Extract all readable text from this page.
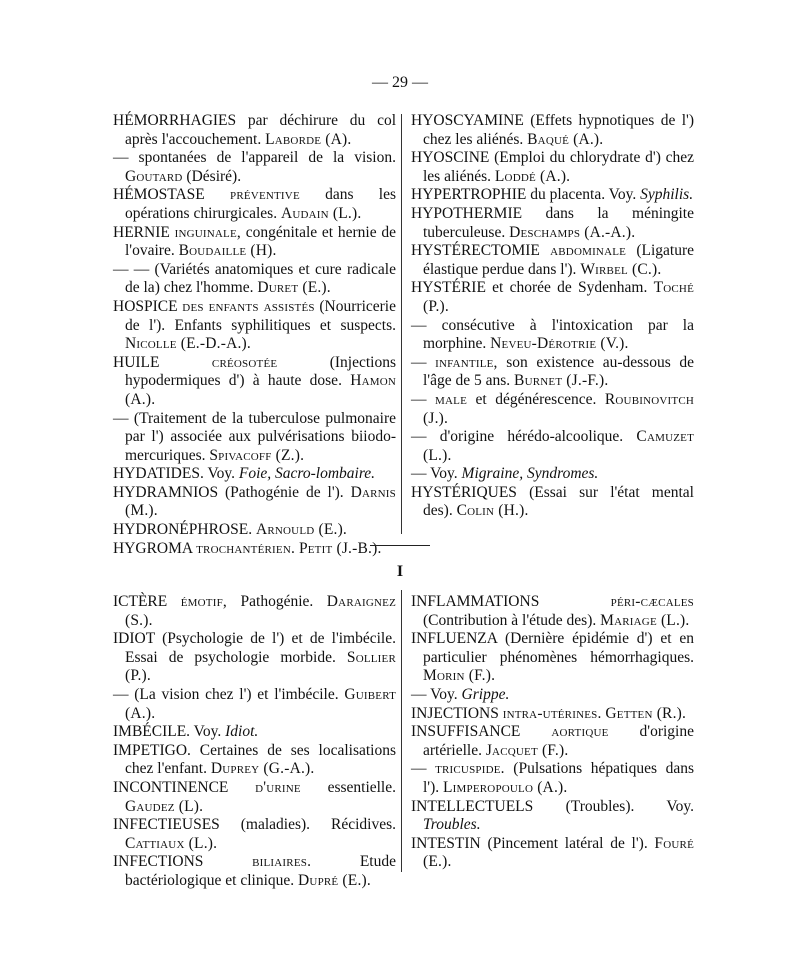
— 29 —

HÉMORRHAGIES par déchirure du col après l'accouchement. Laborde (A).

— spontanées de l'appareil de la vision. Goutard (Désiré).

HÉMOSTASE préventive dans les opérations chirurgicales. Audain (L.).

HERNIE inguinale, congénitale et hernie de l'ovaire. Boudaille (H).

— — (Variétés anatomiques et cure radicale de la) chez l'homme. Duret (E.).

HOSPICE des enfants assistés (Nourricerie de l'). Enfants syphilitiques et suspects. Nicolle (E.-D.-A.).

HUILE créosotée (Injections hypodermiques d') à haute dose. Hamon (A.).

— (Traitement de la tuberculose pulmonaire par l') associée aux pulvérisations biiodo-mercuriques. Spivacoff (Z.).

HYDATIDES. Voy. Foie, Sacro-lombaire.

HYDRAMNIOS (Pathogénie de l'). Darnis (M.).

HYDRONÉPHROSE. Arnould (E.).

HYGROMA trochantérien. Petit (J.-B.).

HYOSCYAMINE (Effets hypnotiques de l') chez les aliénés. Baqué (A.).

HYOSCINE (Emploi du chlorydrate d') chez les aliénés. Loddé (A.).

HYPERTROPHIE du placenta. Voy. Syphilis.

HYPOTHERMIE dans la méningite tuberculeuse. Deschamps (A.-A.).

HYSTÉRECTOMIE abdominale (Ligature élastique perdue dans l'). Wirbel (C.).

HYSTÉRIE et chorée de Sydenham. Toché (P.).

— consécutive à l'intoxication par la morphine. Neveu-Dérotrie (V.).

— infantile, son existence au-dessous de l'âge de 5 ans. Burnet (J.-F.).

— male et dégénérescence. Roubinovitch (J.).

— d'origine hérédo-alcoolique. Camuzet (L.).

— Voy. Migraine, Syndromes.

HYSTÉRIQUES (Essai sur l'état mental des). Colin (H.).

I

ICTÈRE émotif, Pathogénie. Daraignez (S.).

IDIOT (Psychologie de l') et de l'imbécile. Essai de psychologie morbide. Sollier (P.).

— (La vision chez l') et l'imbécile. Guibert (A.).

IMBÉCILE. Voy. Idiot.

IMPETIGO. Certaines de ses localisations chez l'enfant. Duprey (G.-A.).

INCONTINENCE d'urine essentielle. Gaudez (L).

INFECTIEUSES (maladies). Récidives. Cattiaux (L.).

INFECTIONS biliaires. Etude bactériologique et clinique. Dupré (E.).

INFLAMMATIONS péri-cæcales (Contribution à l'étude des). Mariage (L.).

INFLUENZA (Dernière épidémie d') et en particulier phénomènes hémorrhagiques. Morin (F.).

— Voy. Grippe.

INJECTIONS intra-utérines. Getten (R.).

INSUFFISANCE aortique d'origine artérielle. Jacquet (F.).

— tricuspide. (Pulsations hépatiques dans l'). Limperopoulo (A.).

INTELLECTUELS (Troubles). Voy. Troubles.

INTESTIN (Pincement latéral de l'). Fouré (E.).
